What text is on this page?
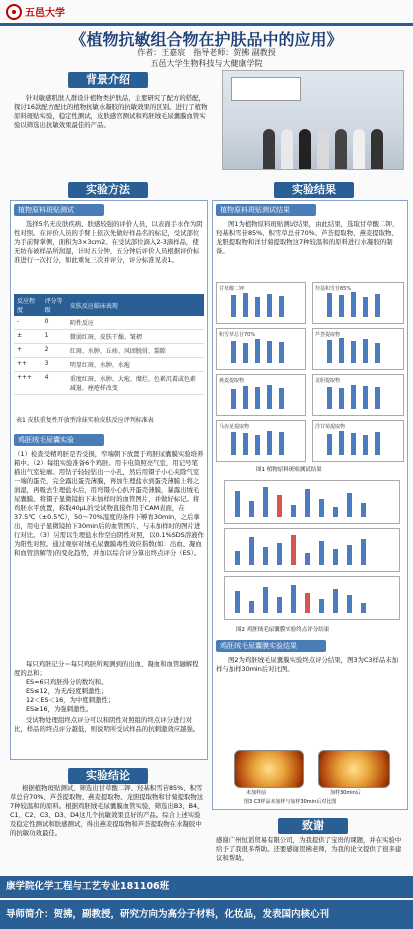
五邑大学
《植物抗敏组合物在护肤品中的应用》
作者：王嘉宸　指导老师：贺拂 副教授
五邑大学生物科技与大健康学院
背景介绍
针对敏感肌肤人群设计植物类护肤品，主要研究了配方的搭配，探讨16款配方配比的植物抗敏水凝胶的抗敏效果的区别。进行了植物原料斑贴实验，稳定性测试，皮肤感官测试和鸡胚绒毛尿囊膜血管实验以筛选出抗敏效果最佳的产品。
实验方法
植物原料斑贴测试
选择5名无皮肤疾病、肤感较强的评价人员，以表面手水作为阴性对照。在评价人员的手臂上依次先做好样品名的标记，受试部位为手前臂掌侧，面积为3×3cm2。在受试部位滴入2-3滴样品，使无纺布被样品所润湿，计时五分钟，五分钟后评价人员根据评价标准进行一次打分，如此重复三次并评分，评分标准见表1。
反应程度	评分等级	皮肤反应临床表现
-	0	阴性反应
±	1	微弱红斑、皮肤干燥、皱褶
+	2	红斑、水肿、丘疹、风团脱屑、裂隙
++	3	明显红斑、水肿、水疱
+++	4	重度红斑、水肿、大疱、糜烂、色素沉着或色素减退、痤疮样改变
表1 皮肤重复性开放型涂抹实验皮肤反应评判标准表
鸡胚绒毛尿囊实验
（1）检查受精鸡胚是否受损，窄端朝下放置于鸡胚尿囊膜实验培养箱中。（2）每组实验准备6个鸡胚。用卡电筒照亮气室，用记号笔描出气室轮廓。用钻子轻轻钻出一小孔，然后用镊子小心夹除气室一端的蛋壳，完全露出蛋壳薄膜，再加生理盐水到蛋壳薄膜上将之润湿，再吸去生理盐水后，用弯镊小心扒开蛋壳薄膜，暴露出绒毛尿囊膜。将镊子显微镜拍下未加样时的血管图片，并做好标记。将鸡胚水平放置，称取40μL的受试物直接作用于CAM表面，在37.5℃（±0.5℃），50～70%湿度的条件下孵育30min，之后拿出，用电子显微镜拍下30min后的血管图片，与未加样时的图片进行对比。（3）另需以生理盐水作空白阴性对照，以0.1%SDS溶液作为阳性对照。通过观察对绒毛尿囊膜毒性效应指数(如：出血、凝血和血管溶解等)的变化趋势，并加以综合评分算出终点评分（ES）。
每只鸡胚记分＝每只鸡胚所观测到的出血、凝血和血管融解程度的总和；
ES=6只鸡胚得分的数均和。
ES≤12，为无/轻度刺激性；
12＜ES＜16，为中度刺激性；
ES≥16，为强刺激性。
受试物处理组终点评分可以和阴性对照组的终点评分进行对比，样品的终点评分越低，则说明所受试样品的抗刺激效应越强。
实验结论
根据植物斑贴测试，筛选出甘草酸二钾、羟基积雪苷85%、积雪草总苷70%、芦荟提取物、燕麦提取物、龙胆提取物和甘菊提取物这7种较温和的原料。根据鸡胚绒毛尿囊膜血管实验，筛选出B3、B4、C1、C2、C3、D3、D4这几个抗敏效果良好的产品。综合上述实验及稳定性测试和肤感测试，得出燕麦提取物和芦荟提取物在水凝胶中的抗敏功效最佳。
实验结果
植物原料斑贴测试结果
图1为植物原料斑贴测试结果，由此结果，选取甘草酸二钾、羟基积雪苷85%、积雪草总苷70%、芦荟提取物、燕麦提取物、龙胆提取物和洋甘菊提取物这7种较温和的原料进行水凝胶的制备。
甘草酸二钾	羟基积雪苷85%
积雪草总苷70%	芦荟提取物
燕麦提取物	龙胆提取物
马齿苋提取物	洋甘菊提取物
图1 植物原料斑贴测试结果
图2 鸡胚绒毛尿囊膜实验终点评分结果
鸡胚绒毛尿囊膜实验结果
图2为鸡胚绒毛尿囊膜实验终点评分结果，图3为C3样品未加样与加样30min后对比图。
未加样前	加样30min后
图3 C3样品未加样与加样30min后对比图
致谢
感谢广州恒滔贸易有限公司，为我提供了宝贵的课题，并在实验中给予了我很多帮助。还要感谢贺拂老师，为我的论文提供了很多建议和帮助。
康学院化学工程与工艺专业181106班
导师简介：贺拂，副教授，研究方向为高分子材料，化妆品，发表国内核心刊
